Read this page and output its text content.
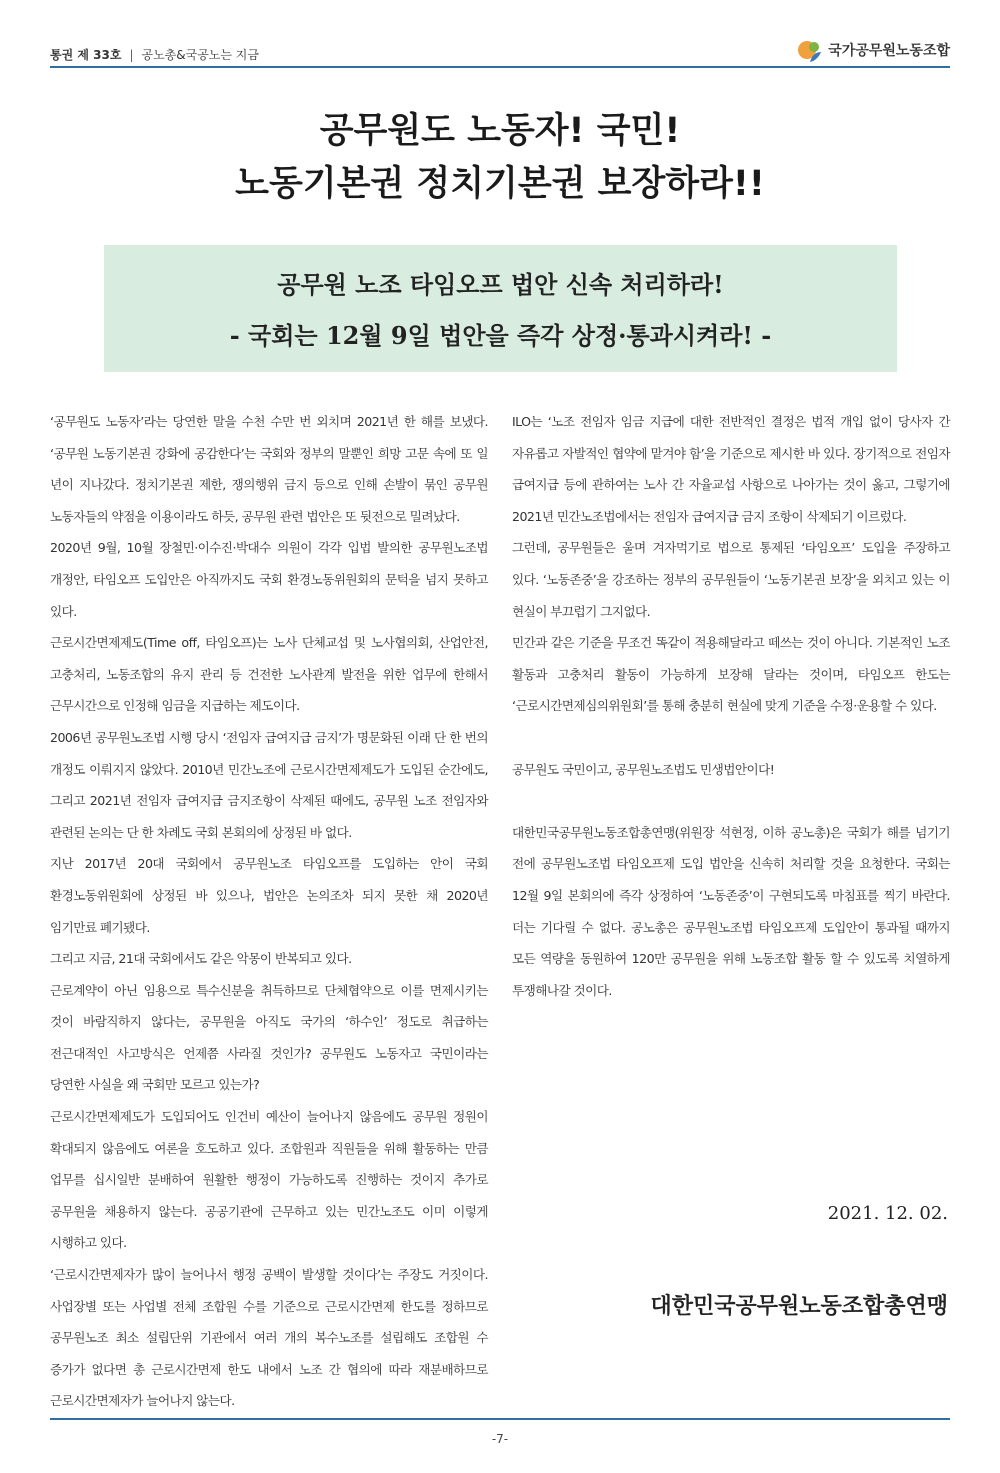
통권 제 33호 | 공노총&국공노는 지금	국가공무원노동조합
공무원도 노동자! 국민!
노동기본권 정치기본권 보장하라!!
공무원 노조 타임오프 법안 신속 처리하라!
- 국회는 12월 9일 법안을 즉각 상정·통과시켜라! -

‘공무원도 노동자’라는 당연한 말을 수천 수만 번 외치며 2021년 한 해를 보냈다. ‘공무원 노동기본권 강화에 공감한다’는 국회와 정부의 말뿐인 희망 고문 속에 또 일 년이 지나갔다. 정치기본권 제한, 쟁의행위 금지 등으로 인해 손발이 묶인 공무원 노동자들의 약점을 이용이라도 하듯, 공무원 관련 법안은 또 뒷전으로 밀려났다.

2020년 9월, 10월 장철민·이수진·박대수 의원이 각각 입법 발의한 공무원노조법 개정안, 타임오프 도입안은 아직까지도 국회 환경노동위원회의 문턱을 넘지 못하고 있다.

근로시간면제제도(Time off, 타임오프)는 노사 단체교섭 및 노사협의회, 산업안전, 고충처리, 노동조합의 유지 관리 등 건전한 노사관계 발전을 위한 업무에 한해서 근무시간으로 인정해 임금을 지급하는 제도이다.

2006년 공무원노조법 시행 당시 ‘전임자 급여지급 금지’가 명문화된 이래 단 한 번의 개정도 이뤄지지 않았다. 2010년 민간노조에 근로시간면제제도가 도입된 순간에도, 그리고 2021년 전임자 급여지급 금지조항이 삭제된 때에도, 공무원 노조 전임자와 관련된 논의는 단 한 차례도 국회 본회의에 상정된 바 없다.

지난 2017년 20대 국회에서 공무원노조 타임오프를 도입하는 안이 국회 환경노동위원회에 상정된 바 있으나, 법안은 논의조차 되지 못한 채 2020년 임기만료 폐기됐다.

그리고 지금, 21대 국회에서도 같은 악몽이 반복되고 있다.

근로계약이 아닌 임용으로 특수신분을 취득하므로 단체협약으로 이를 면제시키는 것이 바람직하지 않다는, 공무원을 아직도 국가의 ‘하수인’ 정도로 취급하는 전근대적인 사고방식은 언제쯤 사라질 것인가? 공무원도 노동자고 국민이라는 당연한 사실을 왜 국회만 모르고 있는가?

근로시간면제제도가 도입되어도 인건비 예산이 늘어나지 않음에도 공무원 정원이 확대되지 않음에도 여론을 호도하고 있다. 조합원과 직원들을 위해 활동하는 만큼 업무를 십시일반 분배하여 원활한 행정이 가능하도록 진행하는 것이지 추가로 공무원을 채용하지 않는다. 공공기관에 근무하고 있는 민간노조도 이미 이렇게 시행하고 있다.

‘근로시간면제자가 많이 늘어나서 행정 공백이 발생할 것이다’는 주장도 거짓이다. 사업장별 또는 사업별 전체 조합원 수를 기준으로 근로시간면제 한도를 정하므로 공무원노조 최소 설립단위 기관에서 여러 개의 복수노조를 설립해도 조합원 수 증가가 없다면 총 근로시간면제 한도 내에서 노조 간 협의에 따라 재분배하므로 근로시간면제자가 늘어나지 않는다.

ILO는 ‘노조 전임자 임금 지급에 대한 전반적인 결정은 법적 개입 없이 당사자 간 자유롭고 자발적인 협약에 맡겨야 함’을 기준으로 제시한 바 있다. 장기적으로 전임자 급여지급 등에 관하여는 노사 간 자율교섭 사항으로 나아가는 것이 옳고, 그렇기에 2021년 민간노조법에서는 전임자 급여지급 금지 조항이 삭제되기 이르렀다.

그런데, 공무원들은 울며 겨자먹기로 법으로 통제된 ‘타임오프’ 도입을 주장하고 있다. ‘노동존중’을 강조하는 정부의 공무원들이 ‘노동기본권 보장’을 외치고 있는 이 현실이 부끄럽기 그지없다.

민간과 같은 기준을 무조건 똑같이 적용해달라고 떼쓰는 것이 아니다. 기본적인 노조 활동과 고충처리 활동이 가능하게 보장해 달라는 것이며, 타임오프 한도는 ‘근로시간면제심의위원회’를 통해 충분히 현실에 맞게 기준을 수정·운용할 수 있다.

공무원도 국민이고, 공무원노조법도 민생법안이다!

대한민국공무원노동조합총연맹(위원장 석현정, 이하 공노총)은 국회가 해를 넘기기 전에 공무원노조법 타임오프제 도입 법안을 신속히 처리할 것을 요청한다. 국회는 12월 9일 본회의에 즉각 상정하여 ‘노동존중’이 구현되도록 마침표를 찍기 바란다. 더는 기다릴 수 없다. 공노총은 공무원노조법 타임오프제 도입안이 통과될 때까지 모든 역량을 동원하여 120만 공무원을 위해 노동조합 활동 할 수 있도록 치열하게 투쟁해나갈 것이다.

2021. 12. 02.
대한민국공무원노동조합총연맹
-7-
